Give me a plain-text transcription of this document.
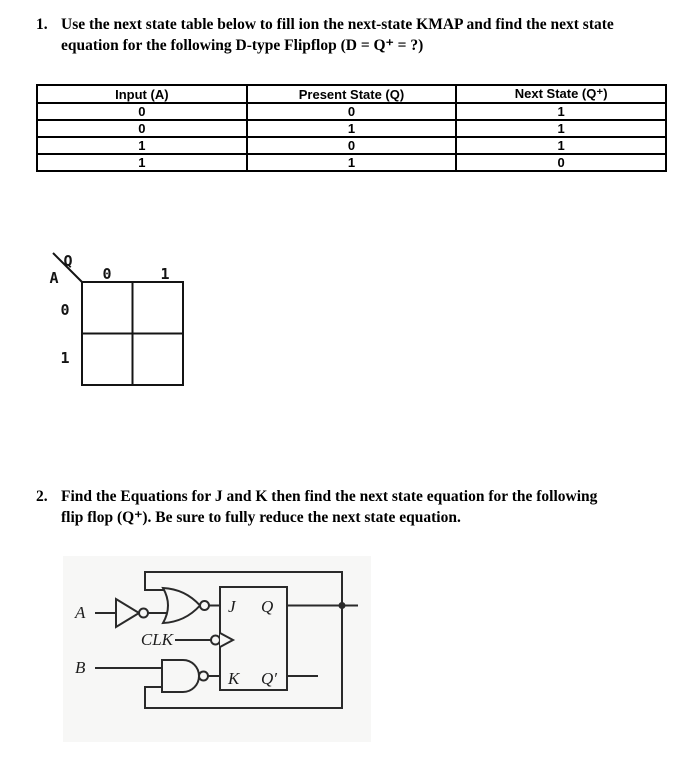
1. Use the next state table below to fill ion the next-state KMAP and find the next state
equation for the following D-type Flipflop (D = Q⁺ = ?)
Input (A)	Present State (Q)	Next State (Q⁺)
0	0	1
0	1	1
1	0	1
1	1	0
Q
A	0	1
0
1
2. Find the Equations for J and K then find the next state equation for the following
flip flop (Q⁺). Be sure to fully reduce the next state equation.
A	J Q
K Q′
CLK
B
